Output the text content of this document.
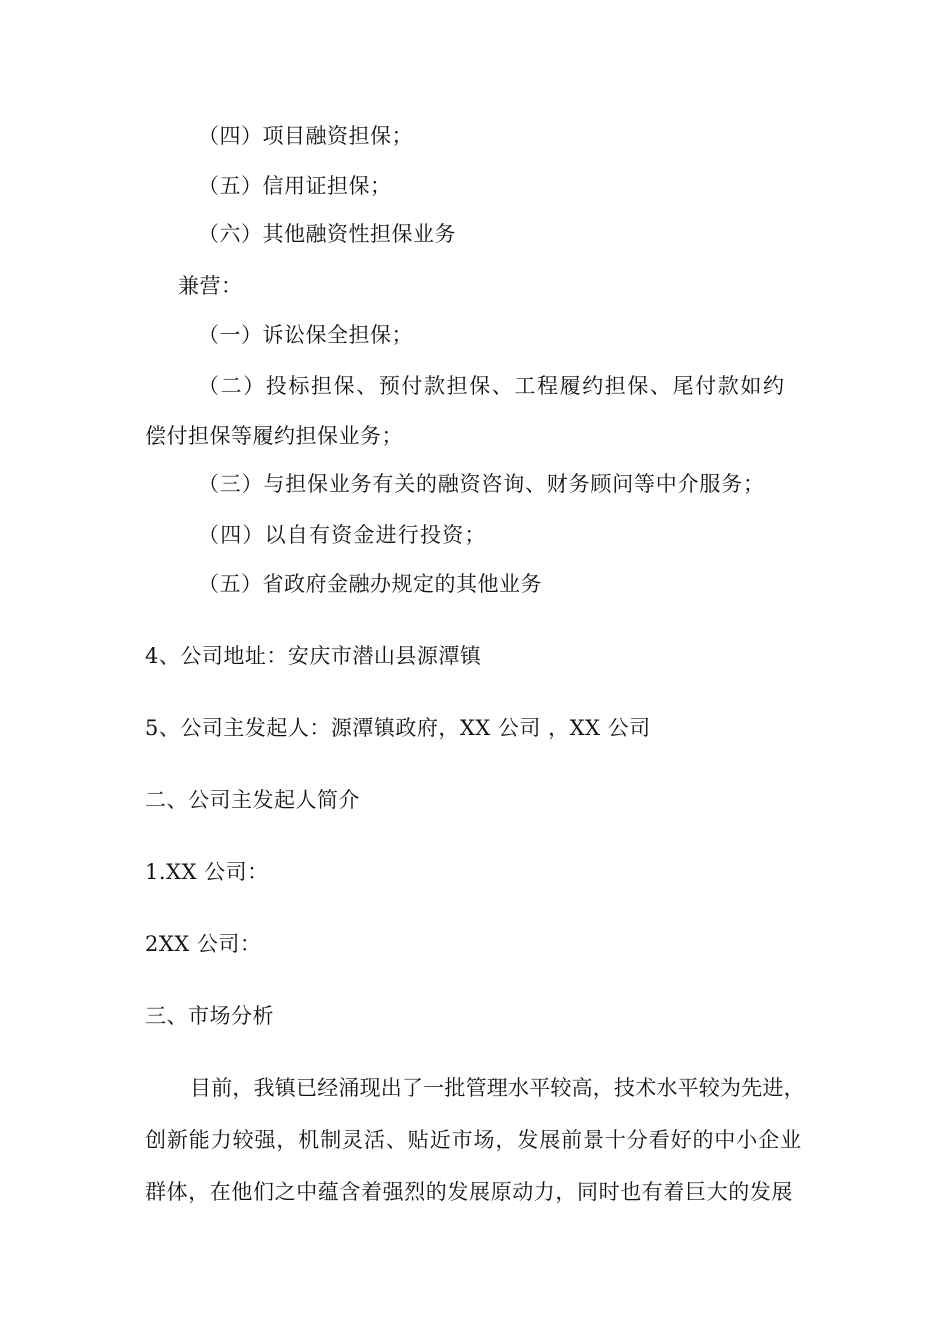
（四）项目融资担保；
（五）信用证担保；
（六）其他融资性担保业务
兼营：
（一）诉讼保全担保；
（二）投标担保、预付款担保、工程履约担保、尾付款如约
偿付担保等履约担保业务；
（三）与担保业务有关的融资咨询、财务顾问等中介服务；
（四）以自有资金进行投资；
（五）省政府金融办规定的其他业务
4、公司地址：安庆市潜山县源潭镇
5、公司主发起人：源潭镇政府，XX 公司 ，XX 公司
二、公司主发起人简介
1.XX 公司：
2XX 公司：
三、市场分析
目前，我镇已经涌现出了一批管理水平较高，技术水平较为先进，
创新能力较强，机制灵活、贴近市场，发展前景十分看好的中小企业
群体，在他们之中蕴含着强烈的发展原动力，同时也有着巨大的发展
